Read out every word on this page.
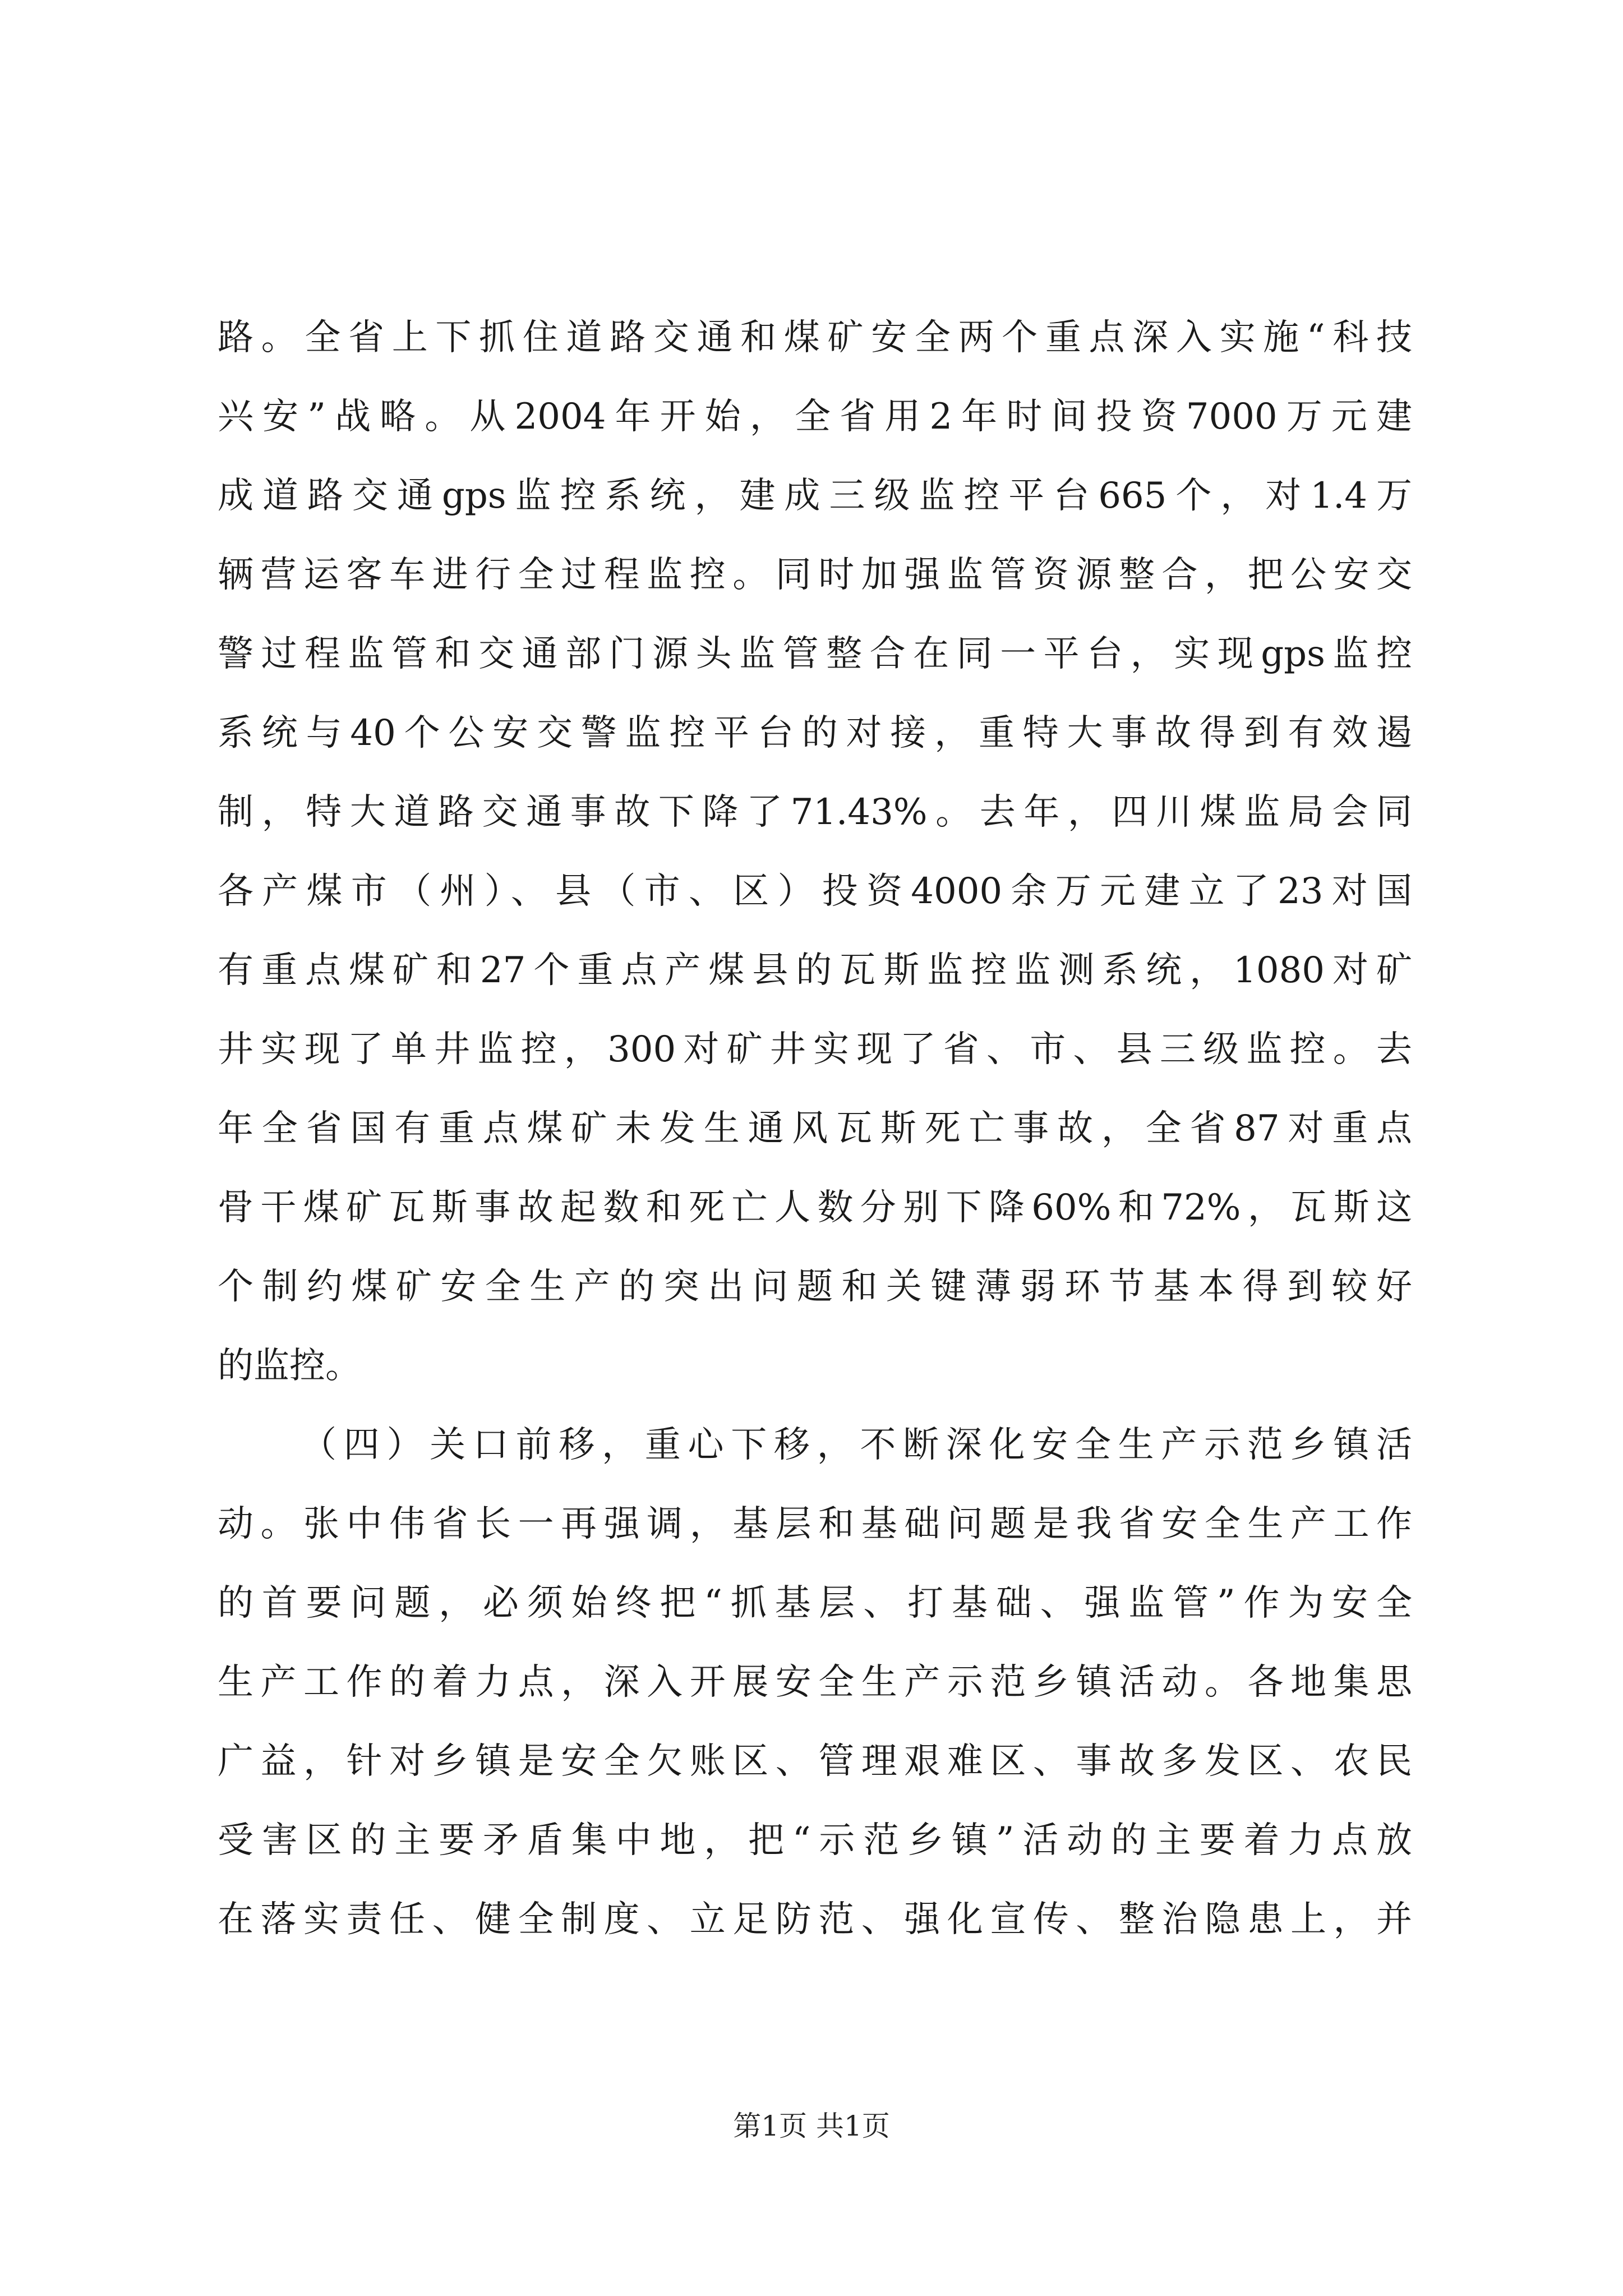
路。全省上下抓住道路交通和煤矿安全两个重点深入实施“科技
兴安”战略。从2004年开始，全省用2年时间投资7000万元建
成道路交通gps监控系统，建成三级监控平台665个，对1.4万
辆营运客车进行全过程监控。同时加强监管资源整合，把公安交
警过程监管和交通部门源头监管整合在同一平台，实现gps监控
系统与40个公安交警监控平台的对接，重特大事故得到有效遏
制，特大道路交通事故下降了71.43%。去年，四川煤监局会同
各产煤市（州）、县（市、区）投资4000余万元建立了23对国
有重点煤矿和27个重点产煤县的瓦斯监控监测系统，1080对矿
井实现了单井监控，300对矿井实现了省、市、县三级监控。去
年全省国有重点煤矿未发生通风瓦斯死亡事故，全省87对重点
骨干煤矿瓦斯事故起数和死亡人数分别下降60%和72%，瓦斯这
个制约煤矿安全生产的突出问题和关键薄弱环节基本得到较好
的监控。
（四）关口前移，重心下移，不断深化安全生产示范乡镇活
动。张中伟省长一再强调，基层和基础问题是我省安全生产工作
的首要问题，必须始终把“抓基层、打基础、强监管”作为安全
生产工作的着力点，深入开展安全生产示范乡镇活动。各地集思
广益，针对乡镇是安全欠账区、管理艰难区、事故多发区、农民
受害区的主要矛盾集中地，把“示范乡镇”活动的主要着力点放
在落实责任、健全制度、立足防范、强化宣传、整治隐患上，并
第1页 共1页
